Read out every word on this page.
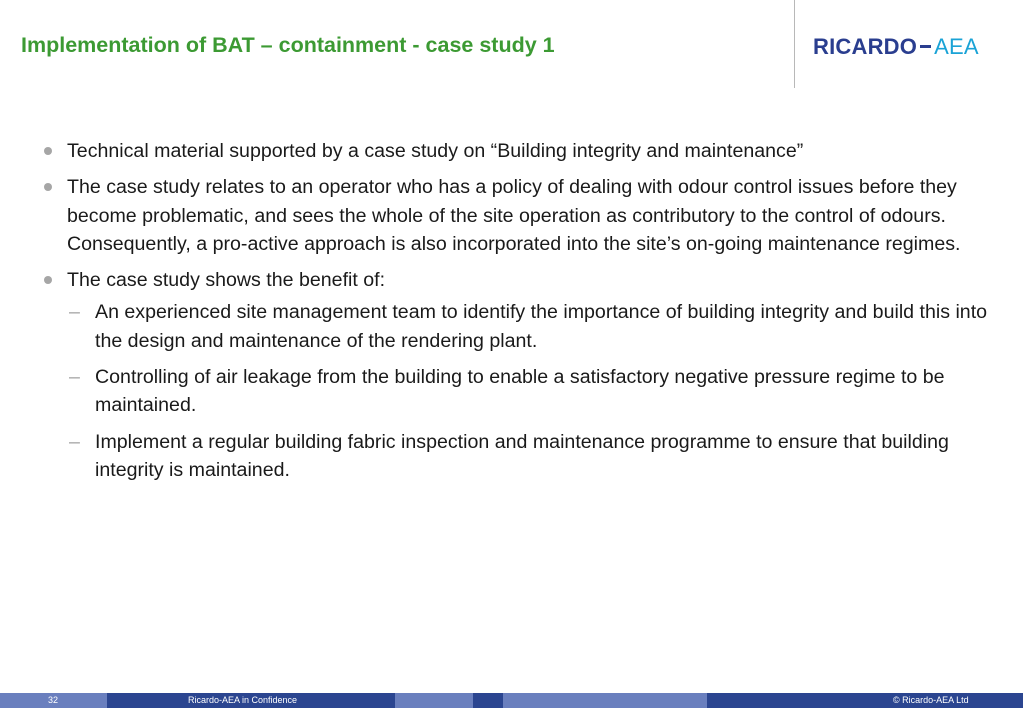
Implementation of BAT – containment - case study 1	RICARDO AEA
Technical material supported by a case study on “Building integrity and maintenance”
The case study relates to an operator who has a policy of dealing with odour control issues before they become problematic, and sees the whole of the site operation as contributory to the control of odours. Consequently, a pro-active approach is also incorporated into the site’s on-going maintenance regimes.
The case study shows the benefit of:
– An experienced site management team to identify the importance of building integrity and build this into the design and maintenance of the rendering plant.
– Controlling of air leakage from the building to enable a satisfactory negative pressure regime to be maintained.
– Implement a regular building fabric inspection and maintenance programme to ensure that building integrity is maintained.
32	Ricardo-AEA in Confidence	© Ricardo-AEA Ltd
